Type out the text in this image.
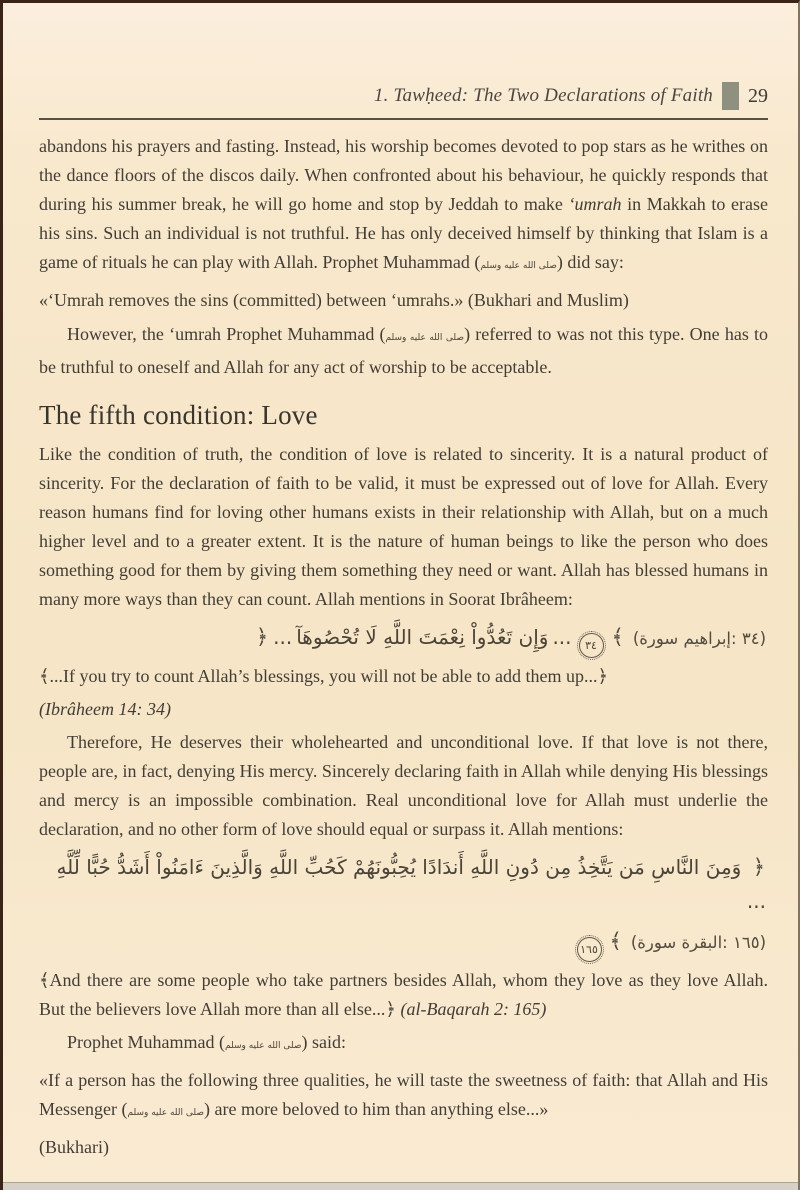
1. Tawḥeed: The Two Declarations of Faith 29

abandons his prayers and fasting. Instead, his worship becomes devoted to pop stars as he writhes on the dance floors of the discos daily. When confronted about his behaviour, he quickly responds that during his summer break, he will go home and stop by Jeddah to make ‘umrah in Makkah to erase his sins. Such an individual is not truthful. He has only deceived himself by thinking that Islam is a game of rituals he can play with Allah. Prophet Muhammad (صلى الله عليه وسلم) did say:

«‘Umrah removes the sins (committed) between ‘umrahs.» (Bukhari and Muslim)

However, the ‘umrah Prophet Muhammad (صلى الله عليه وسلم) referred to was not this type. One has to be truthful to oneself and Allah for any act of worship to be acceptable.

The fifth condition: Love

Like the condition of truth, the condition of love is related to sincerity. It is a natural product of sincerity. For the declaration of faith to be valid, it must be expressed out of love for Allah. Every reason humans find for loving other humans exists in their relationship with Allah, but on a much higher level and to a greater extent. It is the nature of human beings to like the person who does something good for them by giving them something they need or want. Allah has blessed humans in many more ways than they can count. Allah mentions in Soorat Ibrâheem:

﴿ ... وَإِن تَعُدُّواْ نِعْمَتَ اللَّهِ لَا تُحْصُوهَآ ... ٣٤ ﴾ (سورة‎ إبراهيم‎: ٣٤)

﴾...If you try to count Allah’s blessings, you will not be able to add them up...﴿

(Ibrâheem 14: 34)

Therefore, He deserves their wholehearted and unconditional love. If that love is not there, people are, in fact, denying His mercy. Sincerely declaring faith in Allah while denying His blessings and mercy is an impossible combination. Real unconditional love for Allah must underlie the declaration, and no other form of love should equal or surpass it. Allah mentions:

﴿ وَمِنَ النَّاسِ مَن يَتَّخِذُ مِن دُونِ اللَّهِ أَندَادًا يُحِبُّونَهُمْ كَحُبِّ اللَّهِ وَالَّذِينَ ءَامَنُواْ أَشَدُّ حُبًّا لِّلَّهِ ...
١٦٥ ﴾ (سورة‎ البقرة‎: ١٦٥)

﴾And there are some people who take partners besides Allah, whom they love as they love Allah. But the believers love Allah more than all else...﴿ (al-Baqarah 2: 165)

Prophet Muhammad (صلى الله عليه وسلم) said:

«If a person has the following three qualities, he will taste the sweetness of faith: that Allah and His Messenger (صلى الله عليه وسلم) are more beloved to him than anything else...»

(Bukhari)
